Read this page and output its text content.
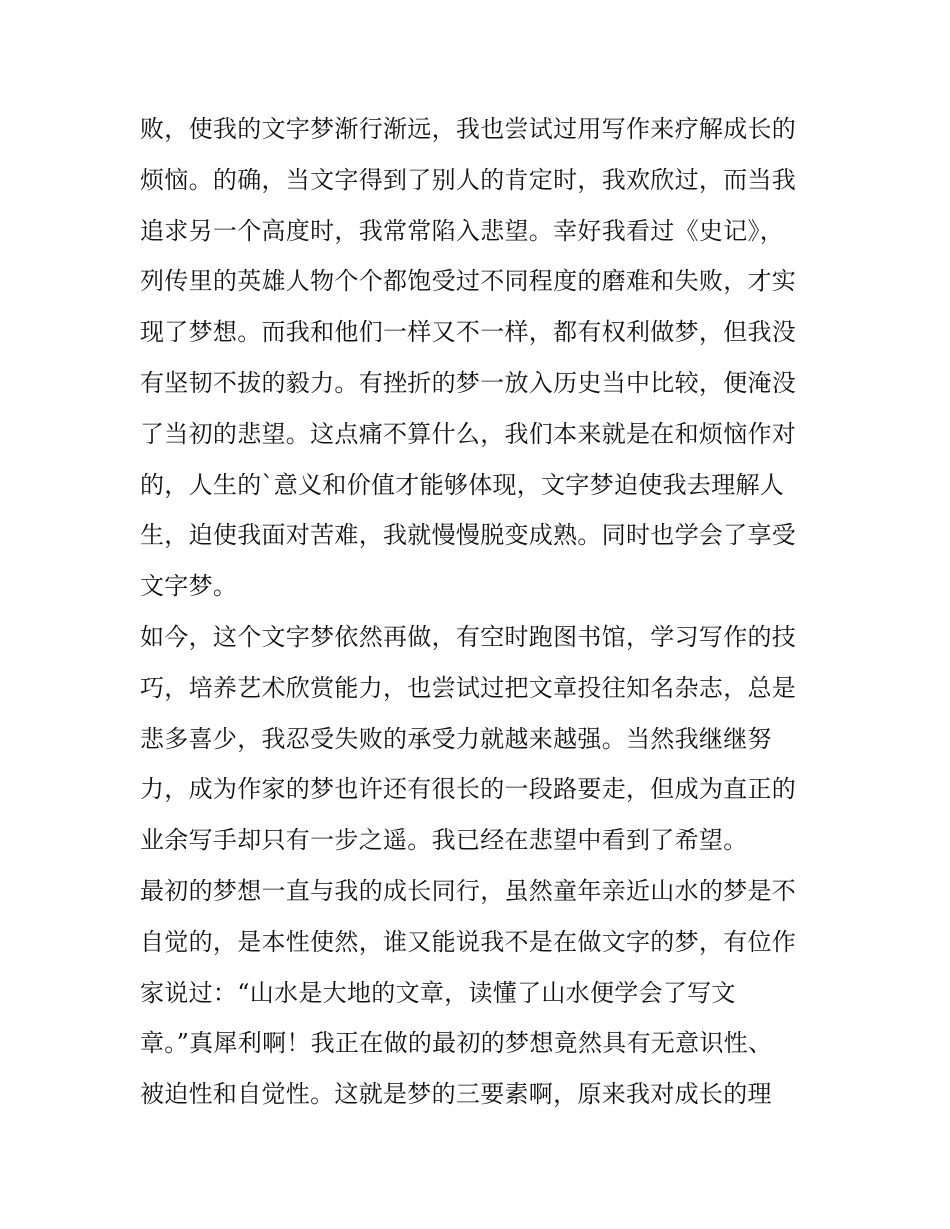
败，使我的文字梦渐行渐远，我也尝试过用写作来疗解成长的
烦恼。的确，当文字得到了别人的肯定时，我欢欣过，而当我
追求另一个高度时，我常常陷入悲望。幸好我看过《史记》，
列传里的英雄人物个个都饱受过不同程度的磨难和失败，才实
现了梦想。而我和他们一样又不一样，都有权利做梦，但我没
有坚韧不拔的毅力。有挫折的梦一放入历史当中比较，便淹没
了当初的悲望。这点痛不算什么，我们本来就是在和烦恼作对
的，人生的`意义和价值才能够体现，文字梦迫使我去理解人
生，迫使我面对苦难，我就慢慢脱变成熟。同时也学会了享受
文字梦。
如今，这个文字梦依然再做，有空时跑图书馆，学习写作的技
巧，培养艺术欣赏能力，也尝试过把文章投往知名杂志，总是
悲多喜少，我忍受失败的承受力就越来越强。当然我继继努
力，成为作家的梦也许还有很长的一段路要走，但成为直正的
业余写手却只有一步之遥。我已经在悲望中看到了希望。
最初的梦想一直与我的成长同行，虽然童年亲近山水的梦是不
自觉的，是本性使然，谁又能说我不是在做文字的梦，有位作
家说过：“山水是大地的文章，读懂了山水便学会了写文
章。”真犀利啊！我正在做的最初的梦想竟然具有无意识性、
被迫性和自觉性。这就是梦的三要素啊，原来我对成长的理
